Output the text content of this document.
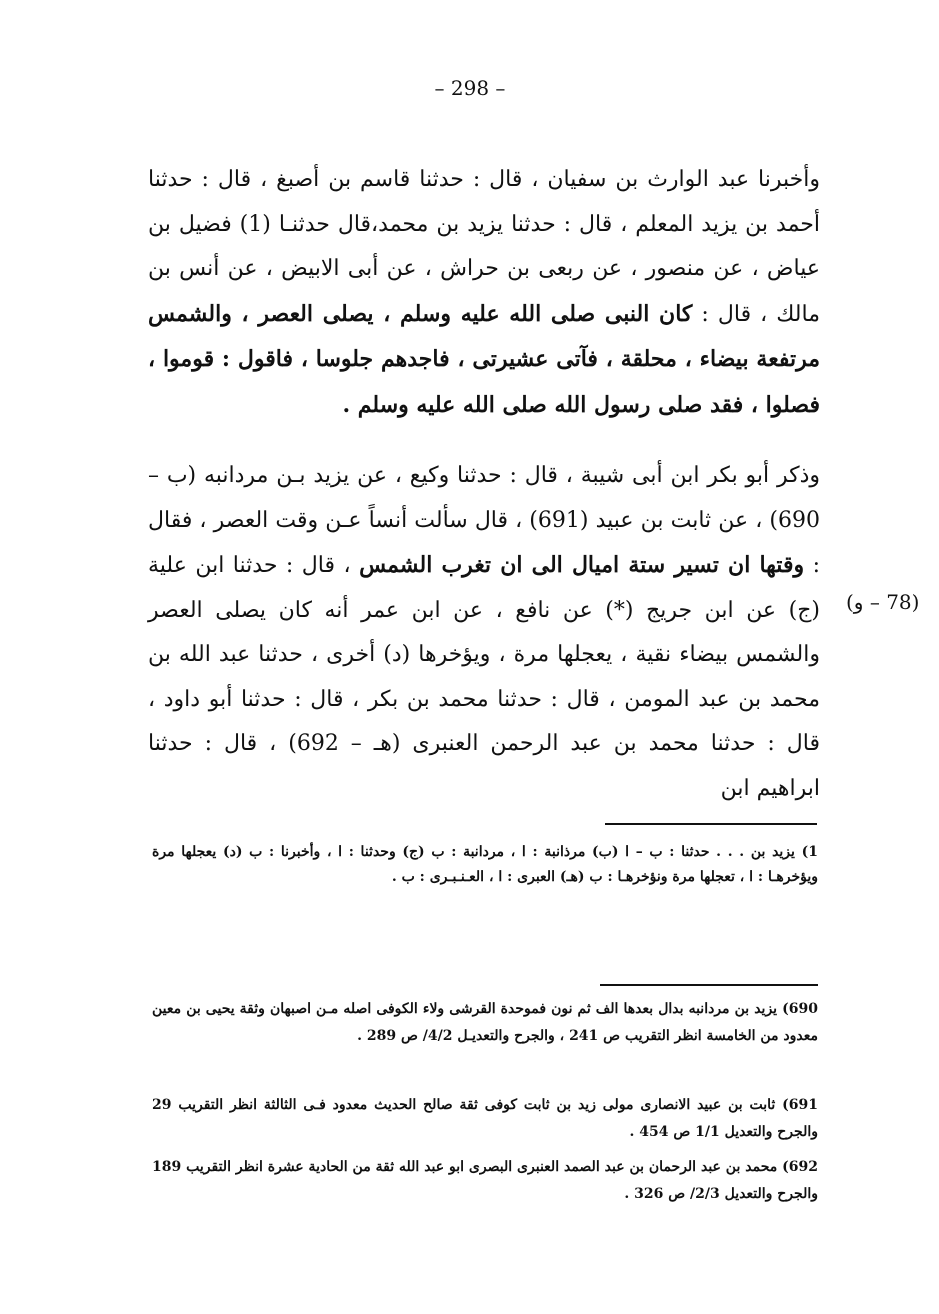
– 298 –
وأخبرنا عبد الوارث بن سفيان ، قال : حدثنا قاسم بن أصبغ ، قال : حدثنا أحمد بن يزيد المعلم ، قال : حدثنا يزيد بن محمد،قال حدثنـا (1) فضيل بن عياض ، عن منصور ، عن ربعى بن حراش ، عن أبى الابيض ، عن أنس بن مالك ، قال : كان النبى صلى الله عليه وسلم ، يصلى العصر ، والشمس مرتفعة بيضاء ، محلقة ، فآتى عشيرتى ، فاجدهم جلوسا ، فاقول : قوموا ، فصلوا ، فقد صلى رسول الله صلى الله عليه وسلم .
(78 – و)
وذكر أبو بكر ابن أبى شيبة ، قال : حدثنا وكيع ، عن يزيد بـن مردانبه (ب – 690) ، عن ثابت بن عبيد (691) ، قال سألت أنساً عـن وقت العصر ، فقال : وقتها ان تسير ستة اميال الى ان تغرب الشمس ، قال : حدثنا ابن علية (ج) عن ابن جريج (*) عن نافع ، عن ابن عمر أنه كان يصلى العصر والشمس بيضاء نقية ، يعجلها مرة ، ويؤخرها (د) أخرى ، حدثنا عبد الله بن محمد بن عبد المومن ، قال : حدثنا محمد بن بكر ، قال : حدثنا أبو داود ، قال : حدثنا محمد بن عبد الرحمن العنبرى (هـ – 692) ، قال : حدثنا ابراهيم ابن
1) يزيد بن . . . حدثنا : ب – ا (ب) مرذانبة : ا ، مردانبة : ب (ج) وحدثنا : ا ، وأخبرنا : ب (د) يعجلها مرة ويؤخرهـا : ا ، تعجلها مرة ونؤخرهـا : ب (هـ) العبرى : ا ، العـنـبـرى : ب .
690) يزيد بن مردانبه بدال بعدها الف ثم نون فموحدة القرشى ولاء الكوفى اصله مـن اصبهان وثقة يحيى بن معين معدود من الخامسة انظر التقريب ص 241 ، والجرح والتعديـل 4/2/ ص 289 .
691) ثابت بن عبيد الانصارى مولى زيد بن ثابت كوفى ثقة صالح الحديث معدود فـى الثالثة انظر التقريب 29 والجرح والتعديل 1/1 ص 454 .
692) محمد بن عبد الرحمان بن عبد الصمد العنبرى البصرى ابو عبد الله ثقة من الحادية عشرة انظر التقريب 189 والجرح والتعديل 2/3/ ص 326 .
